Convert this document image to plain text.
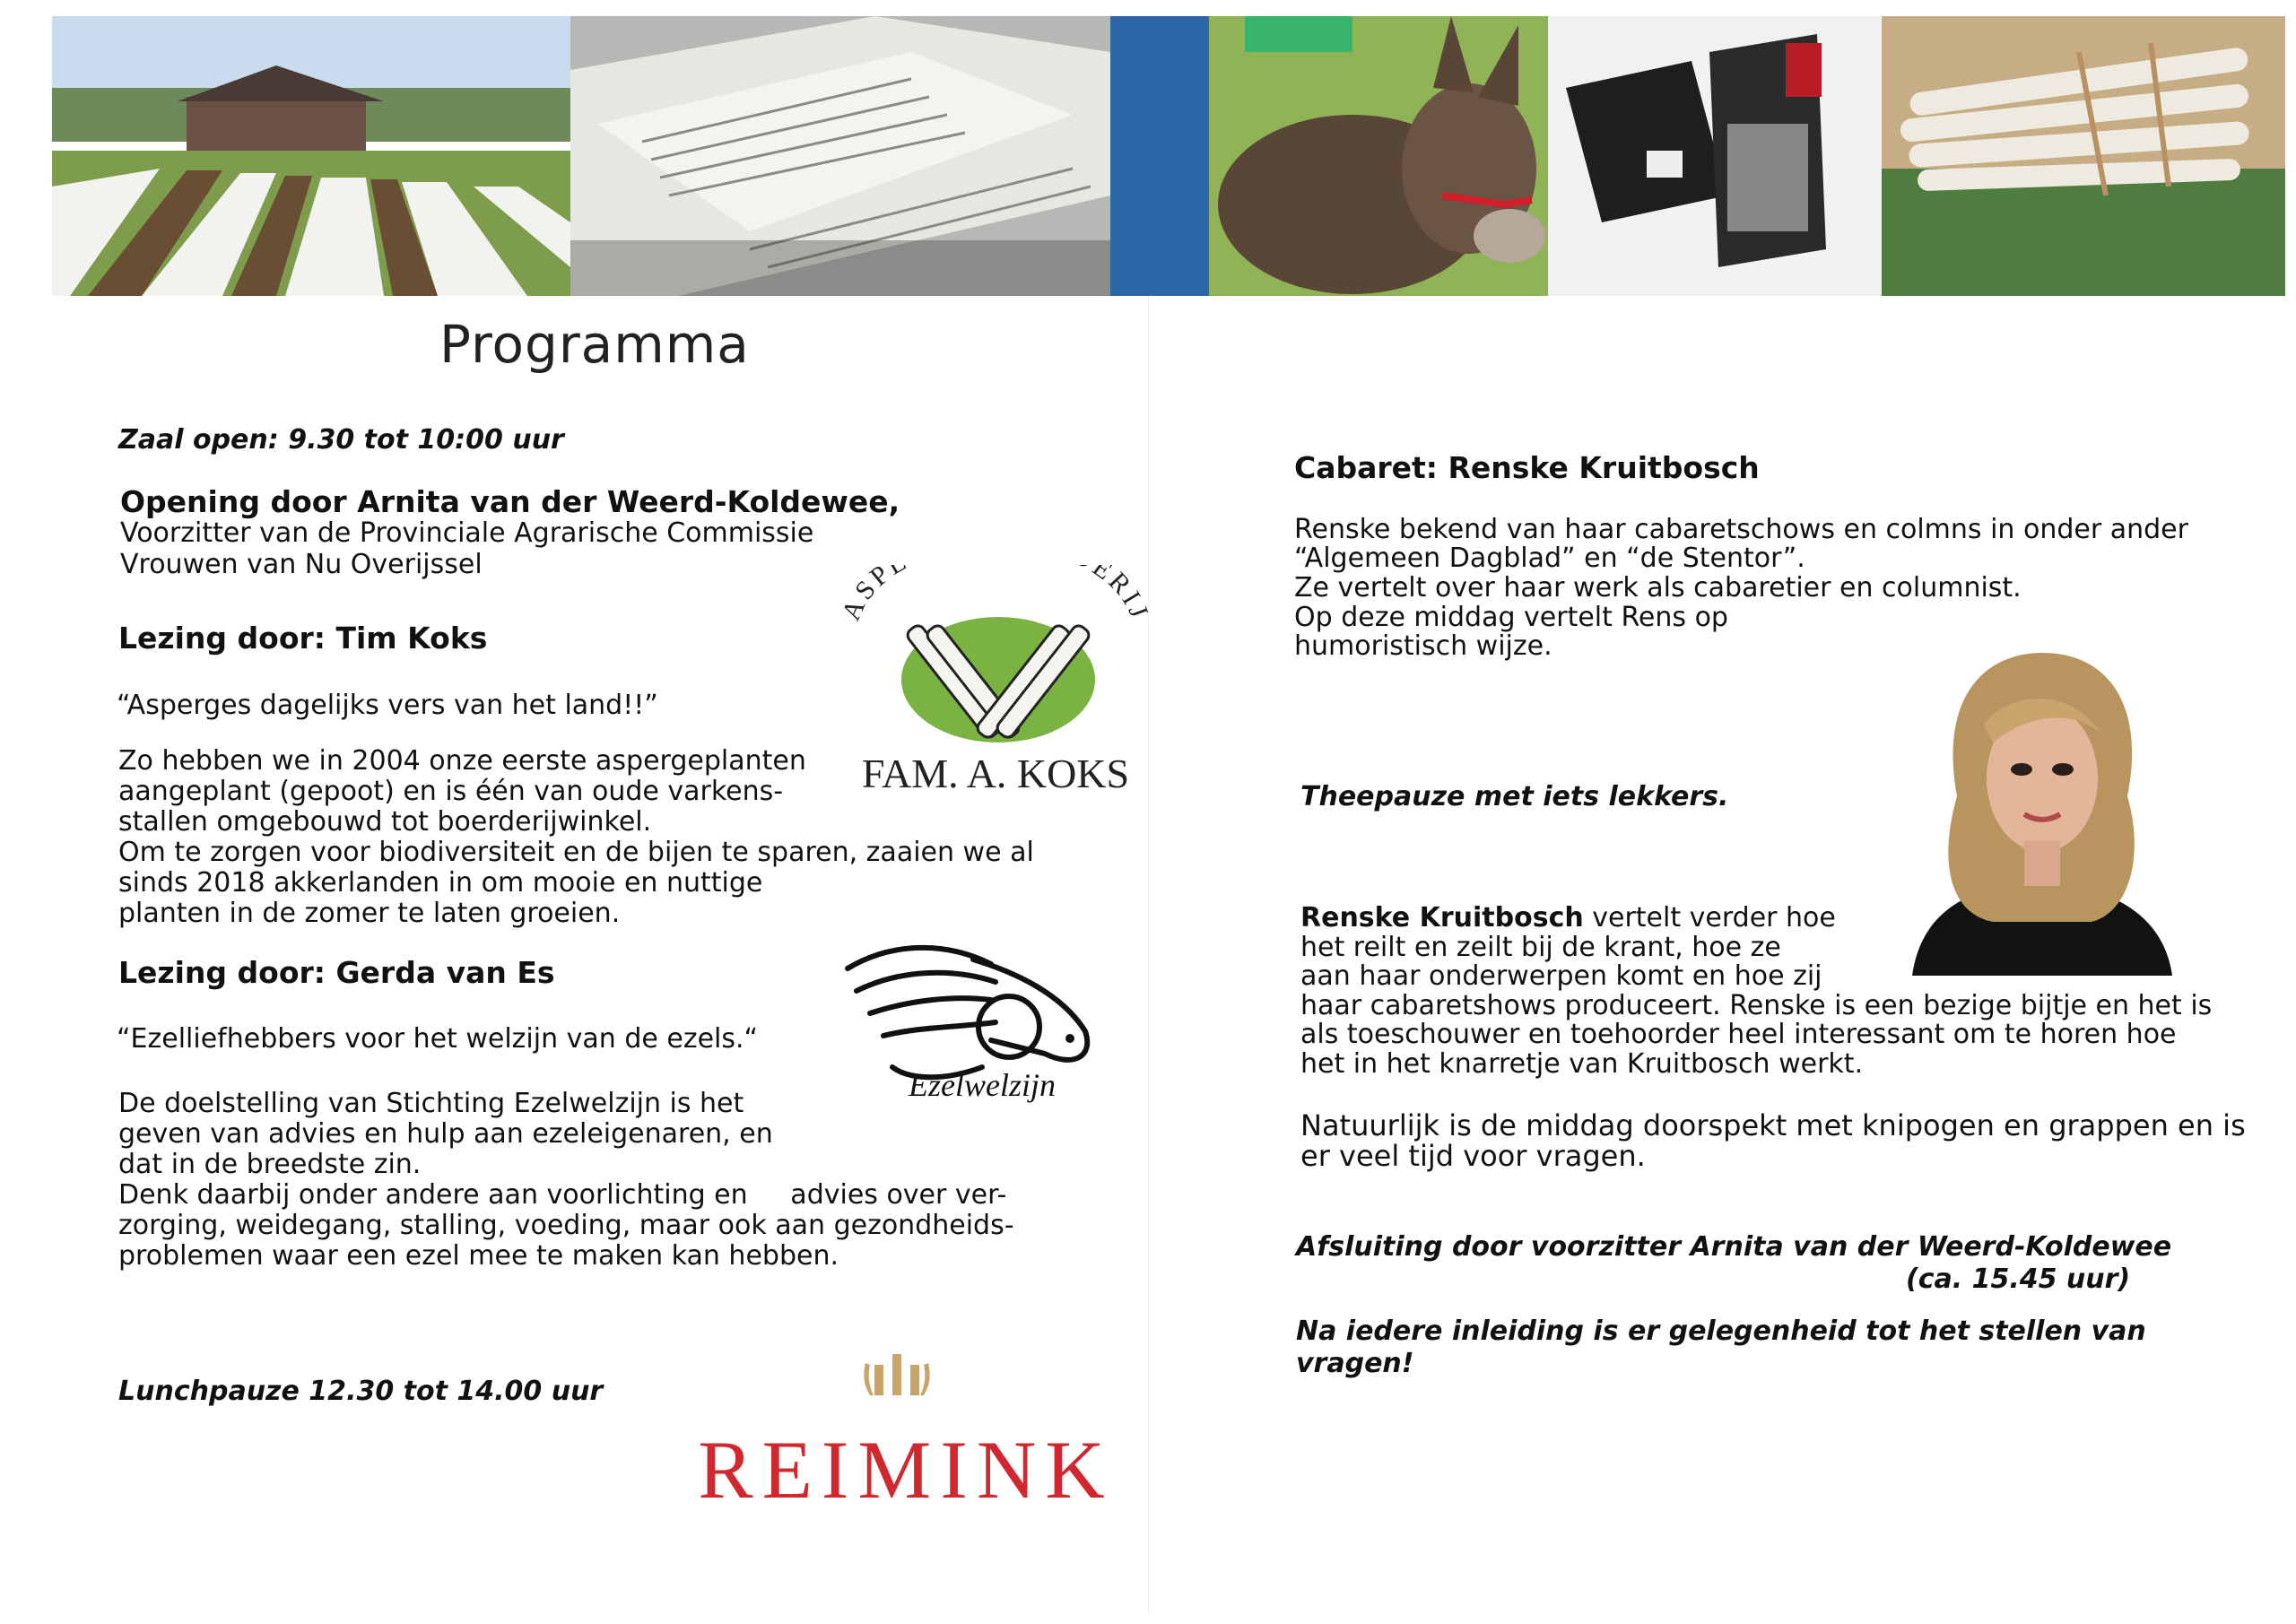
Programma
Zaal open: 9.30 tot 10:00 uur
Opening door Arnita van der Weerd-Koldewee,
Voorzitter van de Provinciale Agrarische Commissie
Vrouwen van Nu Overijssel
Lezing door: Tim Koks
“Asperges dagelijks vers van het land!!”
Zo hebben we in 2004 onze eerste aspergeplanten
aangeplant (gepoot) en is één van oude varkens-
stallen omgebouwd tot boerderijwinkel.
Om te zorgen voor biodiversiteit en de bijen te sparen, zaaien we al
sinds 2018 akkerlanden in om mooie en nuttige
planten in de zomer te laten groeien.
Lezing door: Gerda van Es
“Ezelliefhebbers voor het welzijn van de ezels.“
De doelstelling van Stichting Ezelwelzijn is het
geven van advies en hulp aan ezeleigenaren, en
dat in de breedste zin.
Denk daarbij onder andere aan voorlichting en     advies over ver-
zorging, weidegang, stalling, voeding, maar ook aan gezondheids-
problemen waar een ezel mee te maken kan hebben.
Lunchpauze 12.30 tot 14.00 uur
ASP ERIJ
FAM. A. KOKS
Ezelwelzijn
REIMINK
Cabaret: Renske Kruitbosch
Renske bekend van haar cabaretschows en colmns in onder ander
“Algemeen Dagblad” en “de Stentor”.
Ze vertelt over haar werk als cabaretier en columnist.
Op deze middag vertelt Rens op
humoristisch wijze.
Theepauze met iets lekkers.
Renske Kruitbosch vertelt verder hoe
het reilt en zeilt bij de krant, hoe ze
aan haar onderwerpen komt en hoe zij
haar cabaretshows produceert. Renske is een bezige bijtje en het is
als toeschouwer en toehoorder heel interessant om te horen hoe
het in het knarretje van Kruitbosch werkt.
Natuurlijk is de middag doorspekt met knipogen en grappen en is
er veel tijd voor vragen.
Afsluiting door voorzitter Arnita van der Weerd-Koldewee
(ca. 15.45 uur)
Na iedere inleiding is er gelegenheid tot het stellen van
vragen!
